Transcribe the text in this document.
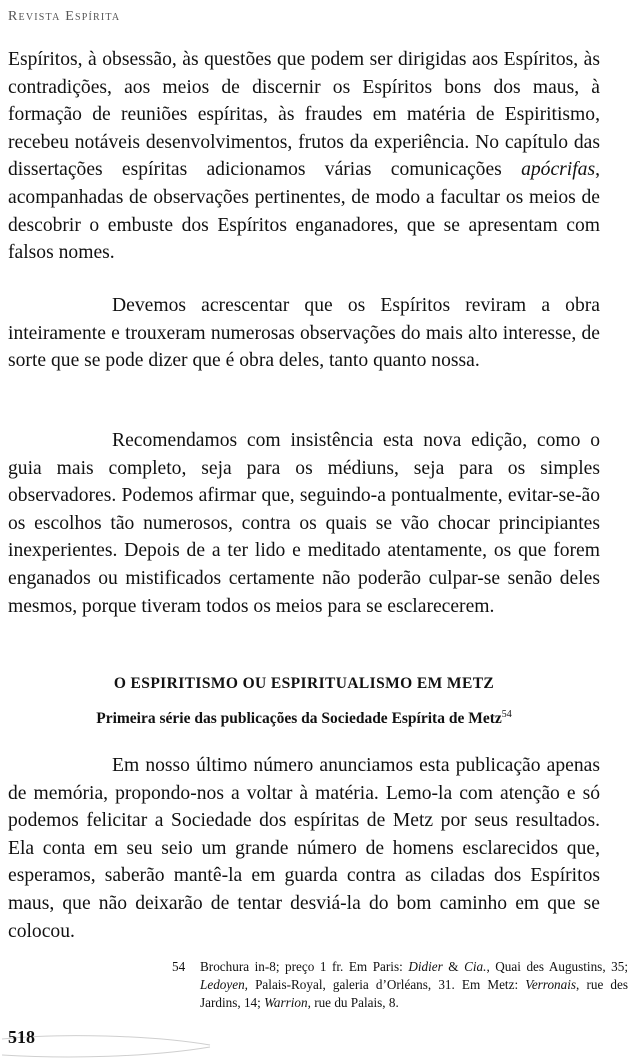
Revista Espírita

Espíritos, à obsessão, às questões que podem ser dirigidas aos Espíritos, às contradições, aos meios de discernir os Espíritos bons dos maus, à formação de reuniões espíritas, às fraudes em matéria de Espiritismo, recebeu notáveis desenvolvimentos, frutos da experiência. No capítulo das dissertações espíritas adicionamos várias comunicações apócrifas, acompanhadas de observações pertinentes, de modo a facultar os meios de descobrir o embuste dos Espíritos enganadores, que se apresentam com falsos nomes.

Devemos acrescentar que os Espíritos reviram a obra inteiramente e trouxeram numerosas observações do mais alto interesse, de sorte que se pode dizer que é obra deles, tanto quanto nossa.

Recomendamos com insistência esta nova edição, como o guia mais completo, seja para os médiuns, seja para os simples observadores. Podemos afirmar que, seguindo-a pontualmente, evitar-se-ão os escolhos tão numerosos, contra os quais se vão chocar principiantes inexperientes. Depois de a ter lido e meditado atentamente, os que forem enganados ou mistificados certamente não poderão culpar-se senão deles mesmos, porque tiveram todos os meios para se esclarecerem.

O ESPIRITISMO OU ESPIRITUALISMO EM METZ
Primeira série das publicações da Sociedade Espírita de Metz$^{54}$

Em nosso último número anunciamos esta publicação apenas de memória, propondo-nos a voltar à matéria. Lemo-la com atenção e só podemos felicitar a Sociedade dos espíritas de Metz por seus resultados. Ela conta em seu seio um grande número de homens esclarecidos que, esperamos, saberão mantê-la em guarda contra as ciladas dos Espíritos maus, que não deixarão de tentar desviá-la do bom caminho em que se colocou.

54 Brochura in-8; preço 1 fr. Em Paris: Didier & Cia., Quai des Augustins, 35; Ledoyen, Palais-Royal, galeria d’Orléans, 31. Em Metz: Verronais, rue des Jardins, 14; Warrion, rue du Palais, 8.
518
